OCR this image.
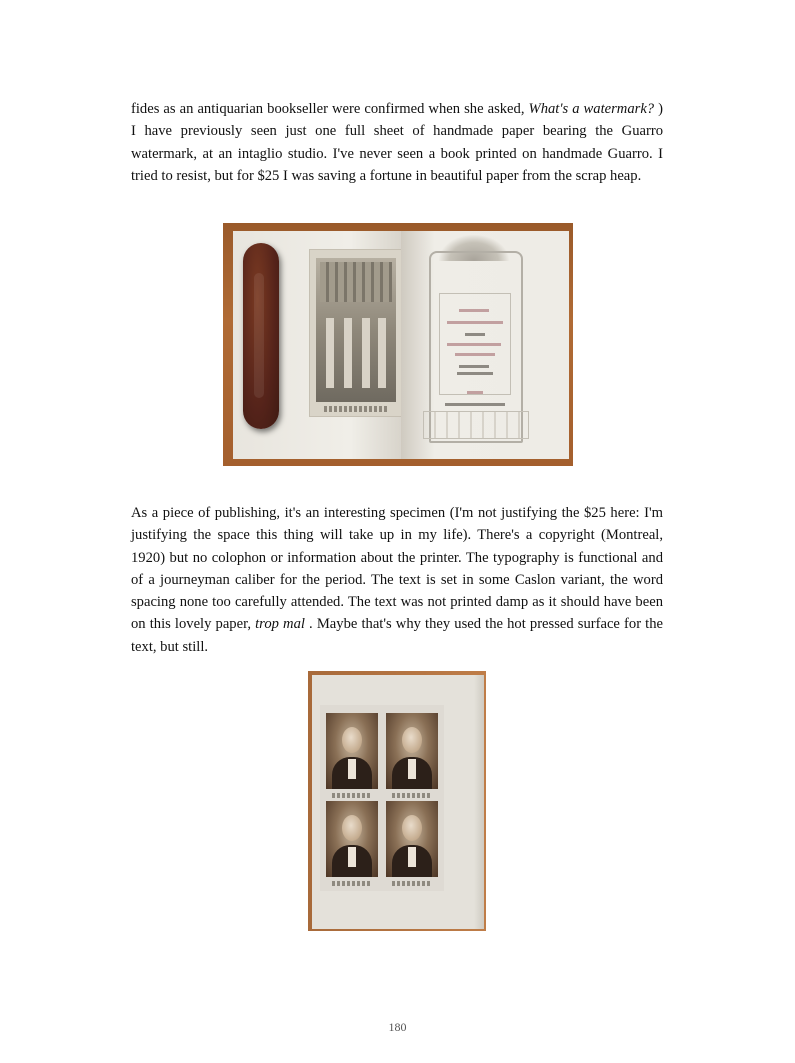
fides as an antiquarian bookseller were confirmed when she asked, What's a watermark? ) I have previously seen just one full sheet of handmade paper bearing the Guarro watermark, at an intaglio studio. I've never seen a book printed on handmade Guarro. I tried to resist, but for $25 I was saving a fortune in beautiful paper from the scrap heap.

As a piece of publishing, it's an interesting specimen (I'm not justifying the $25 here: I'm justifying the space this thing will take up in my life). There's a copyright (Montreal, 1920) but no colophon or information about the printer. The typography is functional and of a journeyman caliber for the period. The text is set in some Caslon variant, the word spacing none too carefully attended. The text was not printed damp as it should have been on this lovely paper, trop mal . Maybe that's why they used the hot pressed surface for the text, but still.

180
